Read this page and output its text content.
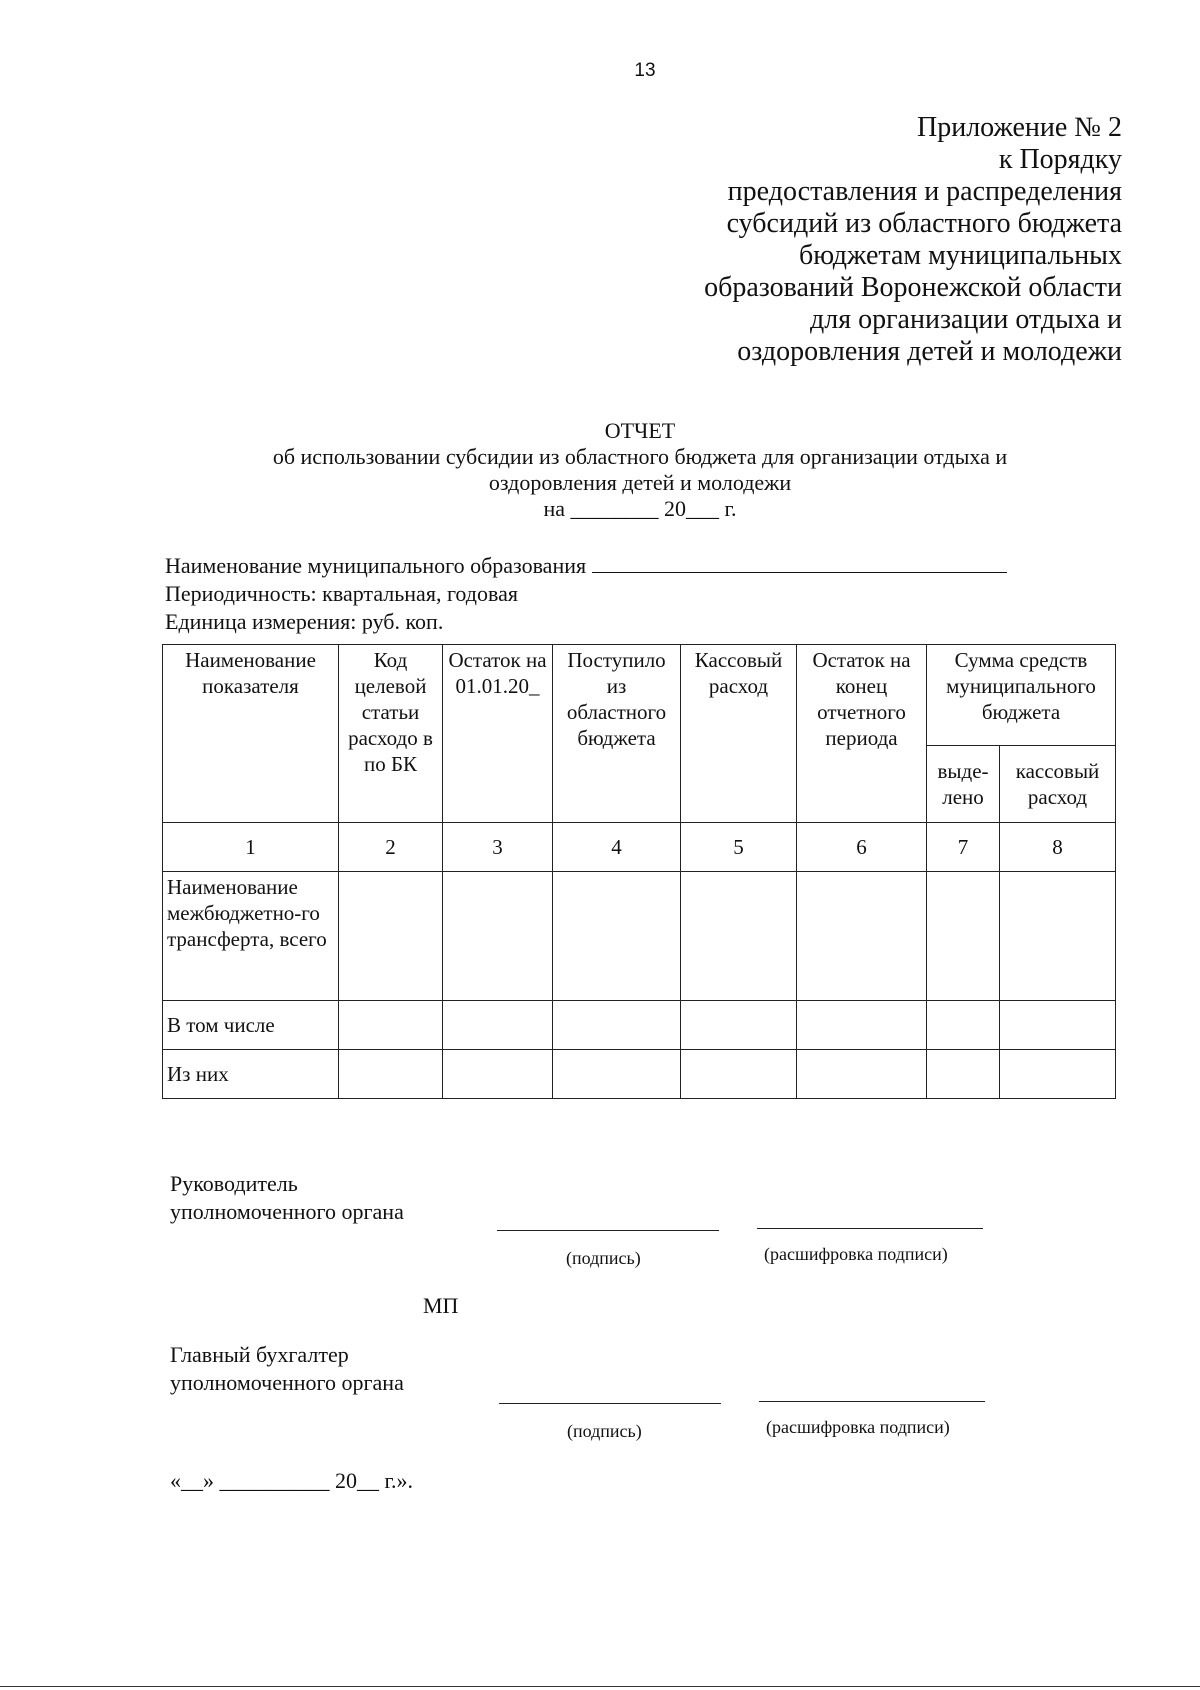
13
Приложение № 2
к Порядку
предоставления и распределения
субсидий из областного бюджета
бюджетам муниципальных
образований Воронежской области
для организации отдыха и
оздоровления детей и молодежи
ОТЧЕТ
об использовании субсидии из областного бюджета для организации отдыха и
оздоровления детей и молодежи
на ________ 20___ г.
Наименование муниципального образования
Периодичность: квартальная, годовая
Единица измерения: руб. коп.
Наименование показателя	Код целевой статьи расходо в по БК	Остаток на 01.01.20_	Поступило из областного бюджета	Кассовый расход	Остаток на конец отчетного периода	Сумма средств муниципального бюджета	
						выде-лено	кассовый расход
1	2	3	4	5	6	7	8
Наименование межбюджетно-го трансферта, всего							
В том числе							
Из них							
Руководитель
уполномоченного органа
(подпись)	(расшифровка подписи)
МП
Главный бухгалтер
уполномоченного органа
(подпись)	(расшифровка подписи)
«__» __________ 20__ г.».
